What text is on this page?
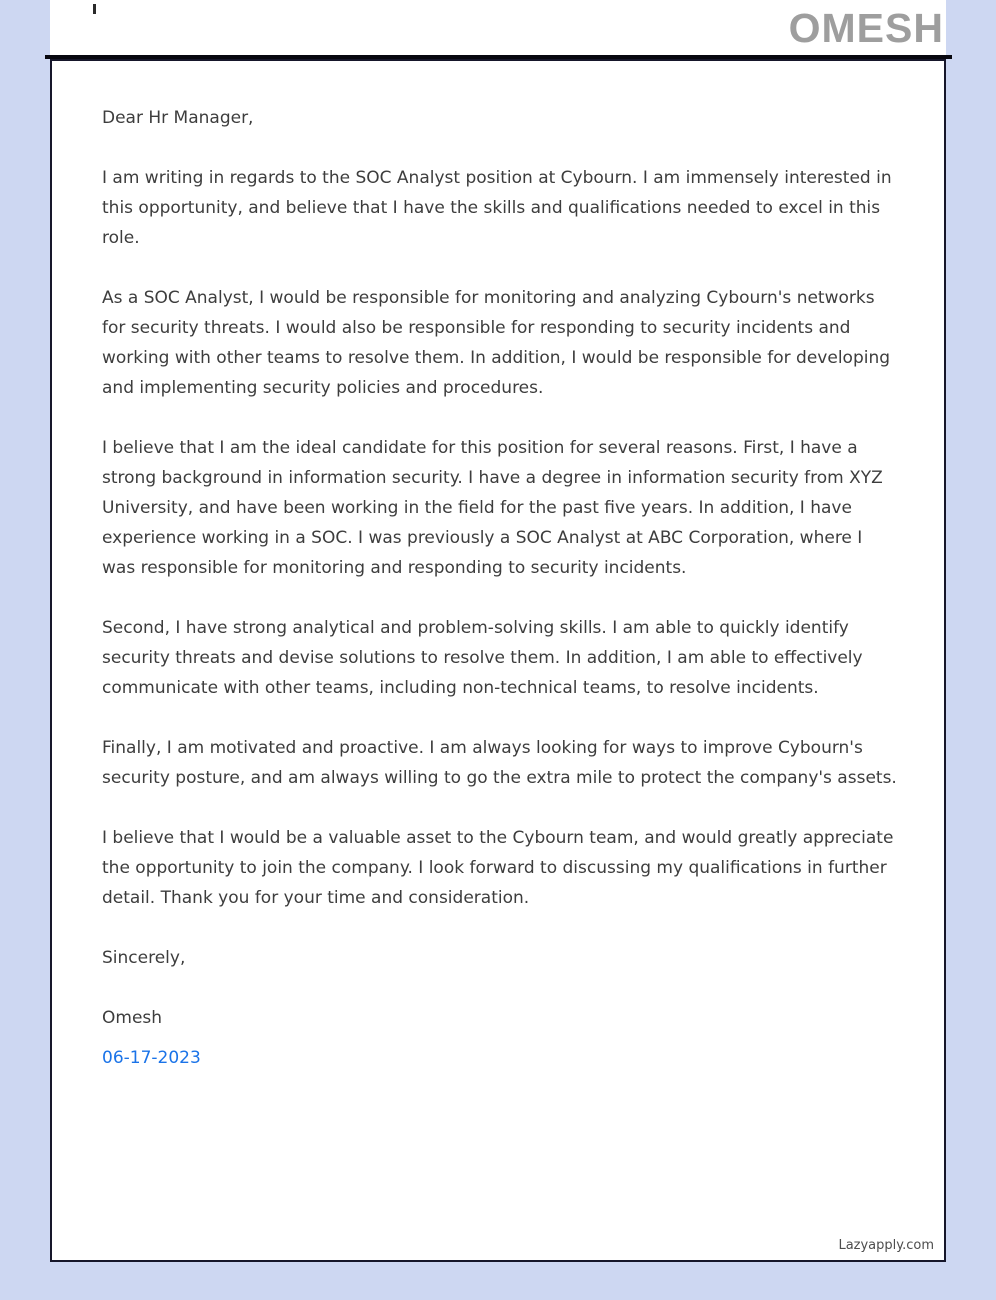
OMESH

Dear Hr Manager,

I am writing in regards to the SOC Analyst position at Cybourn. I am immensely interested in this opportunity, and believe that I have the skills and qualifications needed to excel in this role.

As a SOC Analyst, I would be responsible for monitoring and analyzing Cybourn's networks for security threats. I would also be responsible for responding to security incidents and working with other teams to resolve them. In addition, I would be responsible for developing and implementing security policies and procedures.

I believe that I am the ideal candidate for this position for several reasons. First, I have a strong background in information security. I have a degree in information security from XYZ University, and have been working in the field for the past five years. In addition, I have experience working in a SOC. I was previously a SOC Analyst at ABC Corporation, where I was responsible for monitoring and responding to security incidents.

Second, I have strong analytical and problem-solving skills. I am able to quickly identify security threats and devise solutions to resolve them. In addition, I am able to effectively communicate with other teams, including non-technical teams, to resolve incidents.

Finally, I am motivated and proactive. I am always looking for ways to improve Cybourn's security posture, and am always willing to go the extra mile to protect the company's assets.

I believe that I would be a valuable asset to the Cybourn team, and would greatly appreciate the opportunity to join the company. I look forward to discussing my qualifications in further detail. Thank you for your time and consideration.

Sincerely,

Omesh

06-17-2023

Lazyapply.com
